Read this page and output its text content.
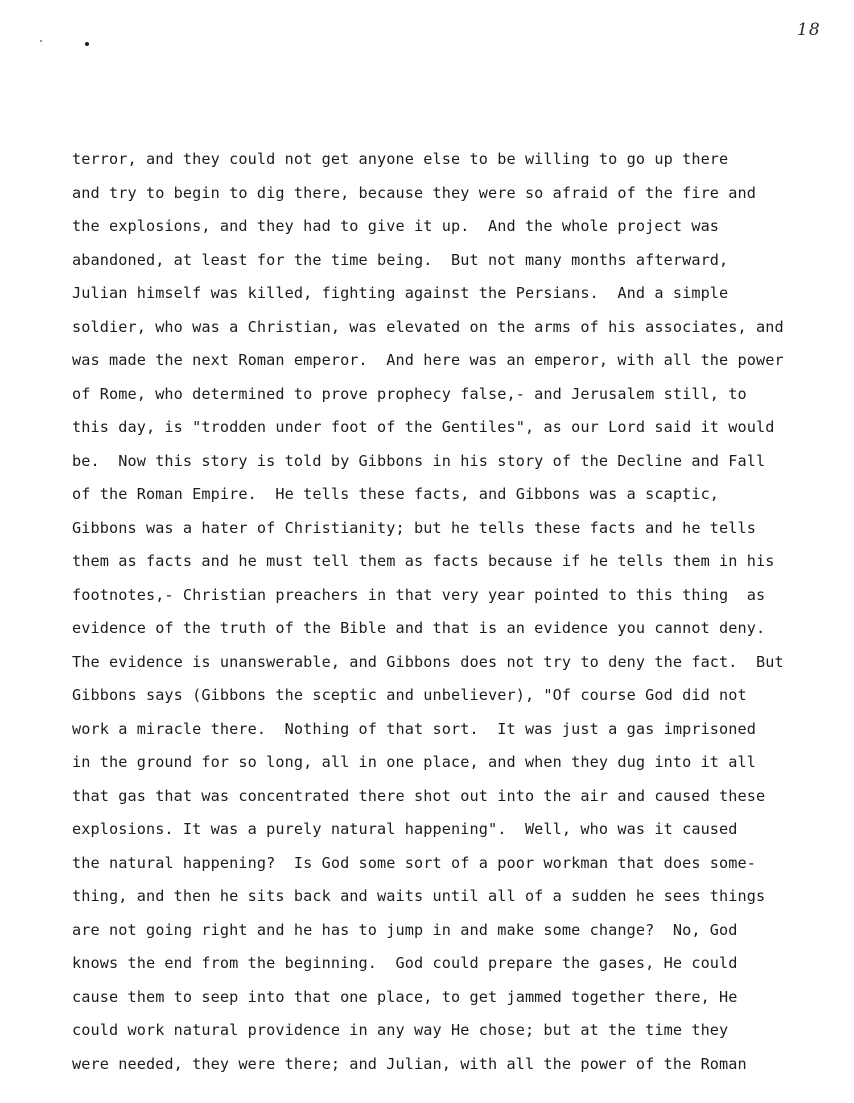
18
terror, and they could not get anyone else to be willing to go up there
and try to begin to dig there, because they were so afraid of the fire and
the explosions, and they had to give it up.  And the whole project was
abandoned, at least for the time being.  But not many months afterward,
Julian himself was killed, fighting against the Persians.  And a simple
soldier, who was a Christian, was elevated on the arms of his associates, and
was made the next Roman emperor.  And here was an emperor, with all the power
of Rome, who determined to prove prophecy false,- and Jerusalem still, to
this day, is "trodden under foot of the Gentiles", as our Lord said it would
be.  Now this story is told by Gibbons in his story of the Decline and Fall
of the Roman Empire.  He tells these facts, and Gibbons was a scaptic,
Gibbons was a hater of Christianity; but he tells these facts and he tells
them as facts and he must tell them as facts because if he tells them in his
footnotes,- Christian preachers in that very year pointed to this thing  as
evidence of the truth of the Bible and that is an evidence you cannot deny.
The evidence is unanswerable, and Gibbons does not try to deny the fact.  But
Gibbons says (Gibbons the sceptic and unbeliever), "Of course God did not
work a miracle there.  Nothing of that sort.  It was just a gas imprisoned
in the ground for so long, all in one place, and when they dug into it all
that gas that was concentrated there shot out into the air and caused these
explosions. It was a purely natural happening".  Well, who was it caused
the natural happening?  Is God some sort of a poor workman that does some-
thing, and then he sits back and waits until all of a sudden he sees things
are not going right and he has to jump in and make some change?  No, God
knows the end from the beginning.  God could prepare the gases, He could
cause them to seep into that one place, to get jammed together there, He
could work natural providence in any way He chose; but at the time they
were needed, they were there; and Julian, with all the power of the Roman
